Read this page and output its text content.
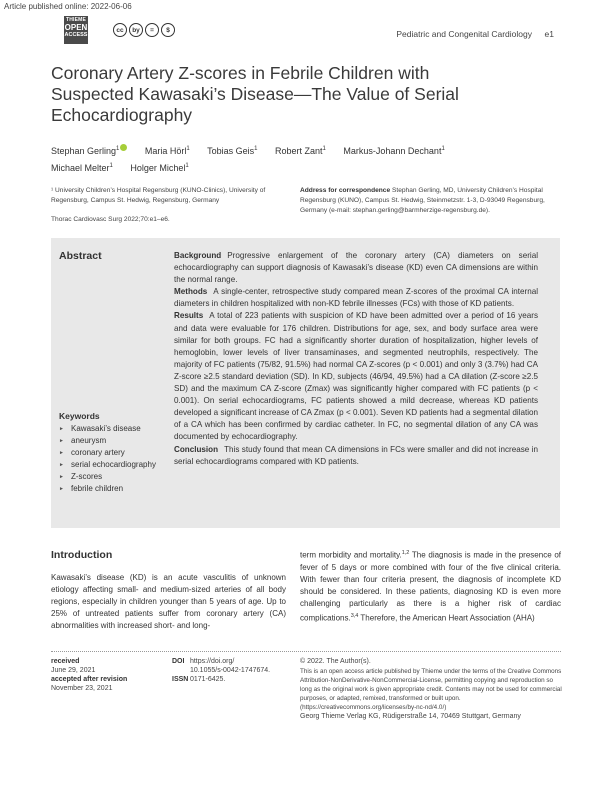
Article published online: 2022-06-06
THIEME
OPEN
ACCESS
cc	by	=	$	Pediatric and Congenital Cardiology e1
Coronary Artery Z-scores in Febrile Children with Suspected Kawasaki’s Disease—The Value of Serial Echocardiography
Stephan Gerling$^1$	Maria Hörl$^1$ Tobias Geis$^1$ Robert Zant$^1$ Markus-Johann Dechant$^1$
Michael Melter$^1$ Holger Michel$^1$
¹ University Children’s Hospital Regensburg (KUNO-Clinics), University of Regensburg, Campus St. Hedwig, Regensburg, Germany
Thorac Cardiovasc Surg 2022;70:e1–e6.
Address for correspondence Stephan Gerling, MD, University Children’s Hospital Regensburg (KUNO), Campus St. Hedwig, Steinmetzstr. 1-3, D-93049 Regensburg, Germany (e-mail: stephan.gerling@barmherzige-regensburg.de).
Abstract
Keywords
► Kawasaki’s disease
► aneurysm
► coronary artery
► serial echocardiography
► Z-scores
► febrile children

Background Progressive enlargement of the coronary artery (CA) diameters on serial echocardiography can support diagnosis of Kawasaki’s disease (KD) even CA dimensions are within the normal range.

Methods A single-center, retrospective study compared mean Z-scores of the proximal CA internal diameters in children hospitalized with non-KD febrile illnesses (FCs) with those of KD patients.

Results A total of 223 patients with suspicion of KD have been admitted over a period of 16 years and data were evaluable for 176 children. Distributions for age, sex, and body surface area were similar for both groups. FC had a significantly shorter duration of hospitalization, higher levels of hemoglobin, lower levels of liver transaminases, and segmented neutrophils, respectively. The majority of FC patients (75/82, 91.5%) had normal CA Z-scores (p < 0.001) and only 3 (3.7%) had CA Z-score ≥2.5 standard deviation (SD). In KD, subjects (46/94, 49.5%) had a CA dilation (Z-score ≥2.5 SD) and the maximum CA Z-score (Zmax) was significantly higher compared with FC patients (p < 0.001). On serial echocardiograms, FC patients showed a mild decrease, whereas KD patients developed a significant increase of CA Zmax (p < 0.001). Seven KD patients had a segmental dilation of a CA which has been confirmed by cardiac catheter. In FC, no segmental dilation of any CA was documented by echocardiography.

Conclusion This study found that mean CA dimensions in FCs were smaller and did not increase in serial echocardiograms compared with KD patients.

Introduction
Kawasaki’s disease (KD) is an acute vasculitis of unknown etiology affecting small- and medium-sized arteries of all body regions, especially in children younger than 5 years of age. Up to 25% of untreated patients suffer from coronary artery (CA) abnormalities with increased short- and long-
term morbidity and mortality.$^{1,2}$ The diagnosis is made in the presence of fever of 5 days or more combined with four of the five clinical criteria. With fewer than four criteria present, the diagnosis of incomplete KD should be considered. In these patients, diagnosing KD is even more challenging particularly as there is a higher risk of cardiac complications.$^{3,4}$ Therefore, the American Heart Association (AHA)
received
June 29, 2021
accepted after revision
November 23, 2021
DOI https://doi.org/
10.1055/s-0042-1747674.
ISSN 0171-6425.
© 2022. The Author(s).
This is an open access article published by Thieme under the terms of the Creative Commons Attribution-NonDerivative-NonCommercial-License, permitting copying and reproduction so long as the original work is given appropriate credit. Contents may not be used for commercial purposes, or adapted, remixed, transformed or built upon. (https://creativecommons.org/licenses/by-nc-nd/4.0/)
Georg Thieme Verlag KG, Rüdigerstraße 14, 70469 Stuttgart, Germany
